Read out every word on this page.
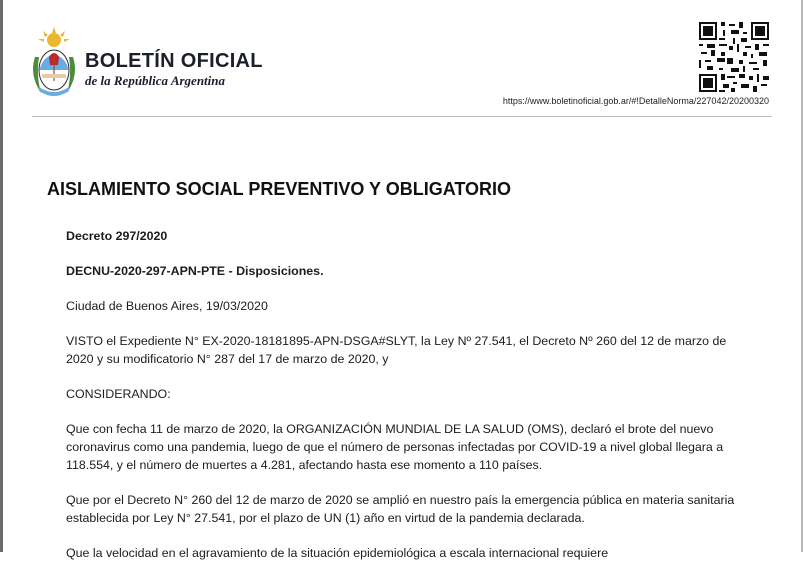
BOLETÍN OFICIAL
de la República Argentina
https://www.boletinoficial.gob.ar/#!DetalleNorma/227042/20200320
AISLAMIENTO SOCIAL PREVENTIVO Y OBLIGATORIO

Decreto 297/2020

DECNU-2020-297-APN-PTE - Disposiciones.

Ciudad de Buenos Aires, 19/03/2020

VISTO el Expediente N° EX-2020-18181895-APN-DSGA#SLYT, la Ley Nº 27.541, el Decreto Nº 260 del 12 de marzo de 2020 y su modificatorio N° 287 del 17 de marzo de 2020, y

CONSIDERANDO:

Que con fecha 11 de marzo de 2020, la ORGANIZACIÓN MUNDIAL DE LA SALUD (OMS), declaró el brote del nuevo coronavirus como una pandemia, luego de que el número de personas infectadas por COVID-19 a nivel global llegara a 118.554, y el número de muertes a 4.281, afectando hasta ese momento a 110 países.

Que por el Decreto N° 260 del 12 de marzo de 2020 se amplió en nuestro país la emergencia pública en materia sanitaria establecida por Ley N° 27.541, por el plazo de UN (1) año en virtud de la pandemia declarada.

Que la velocidad en el agravamiento de la situación epidemiológica a escala internacional requiere
